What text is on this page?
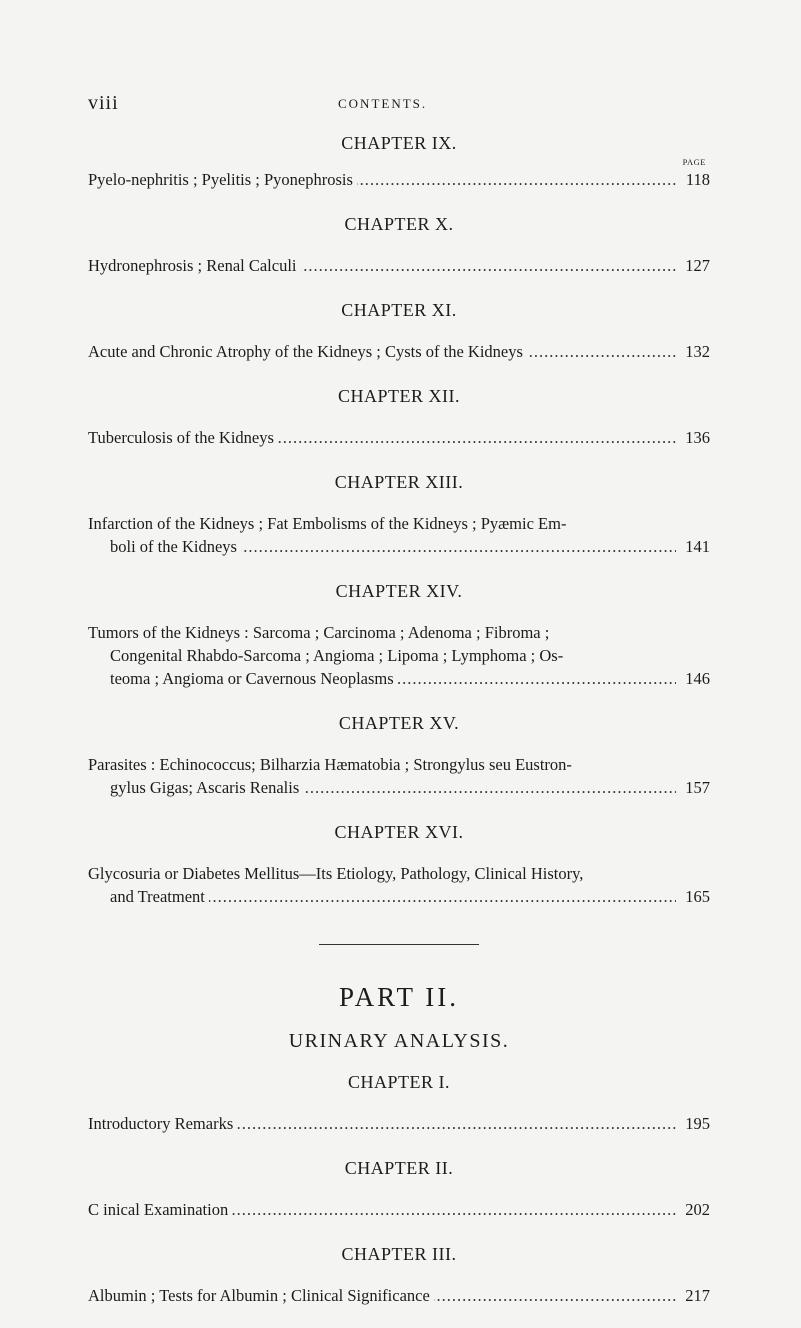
viii	CONTENTS.
CHAPTER IX.
PAGE
Pyelo-nephritis ; Pyelitis ; Pyonephrosis .....	118
CHAPTER X.
Hydronephrosis ; Renal Calculi .....	127
CHAPTER XI.
Acute and Chronic Atrophy of the Kidneys ; Cysts of the Kidneys .....	132
CHAPTER XII.
Tuberculosis of the Kidneys .....	136
CHAPTER XIII.
Infarction of the Kidneys ; Fat Embolisms of the Kidneys ; Pyæmic Em-
boli of the Kidneys .....	141
CHAPTER XIV.
Tumors of the Kidneys : Sarcoma ; Carcinoma ; Adenoma ; Fibroma ;
Congenital Rhabdo-Sarcoma ; Angioma ; Lipoma ; Lymphoma ; Os-
teoma ; Angioma or Cavernous Neoplasms .....	146
CHAPTER XV.
Parasites : Echinococcus; Bilharzia Hæmatobia ; Strongylus seu Eustron-
gylus Gigas; Ascaris Renalis .....	157
CHAPTER XVI.
Glycosuria or Diabetes Mellitus—Its Etiology, Pathology, Clinical History,
and Treatment .....	165
PART II.
URINARY ANALYSIS.
CHAPTER I.
Introductory Remarks .....	195
CHAPTER II.
C inical Examination .....	202
CHAPTER III.
Albumin ; Tests for Albumin ; Clinical Significance .....	217
